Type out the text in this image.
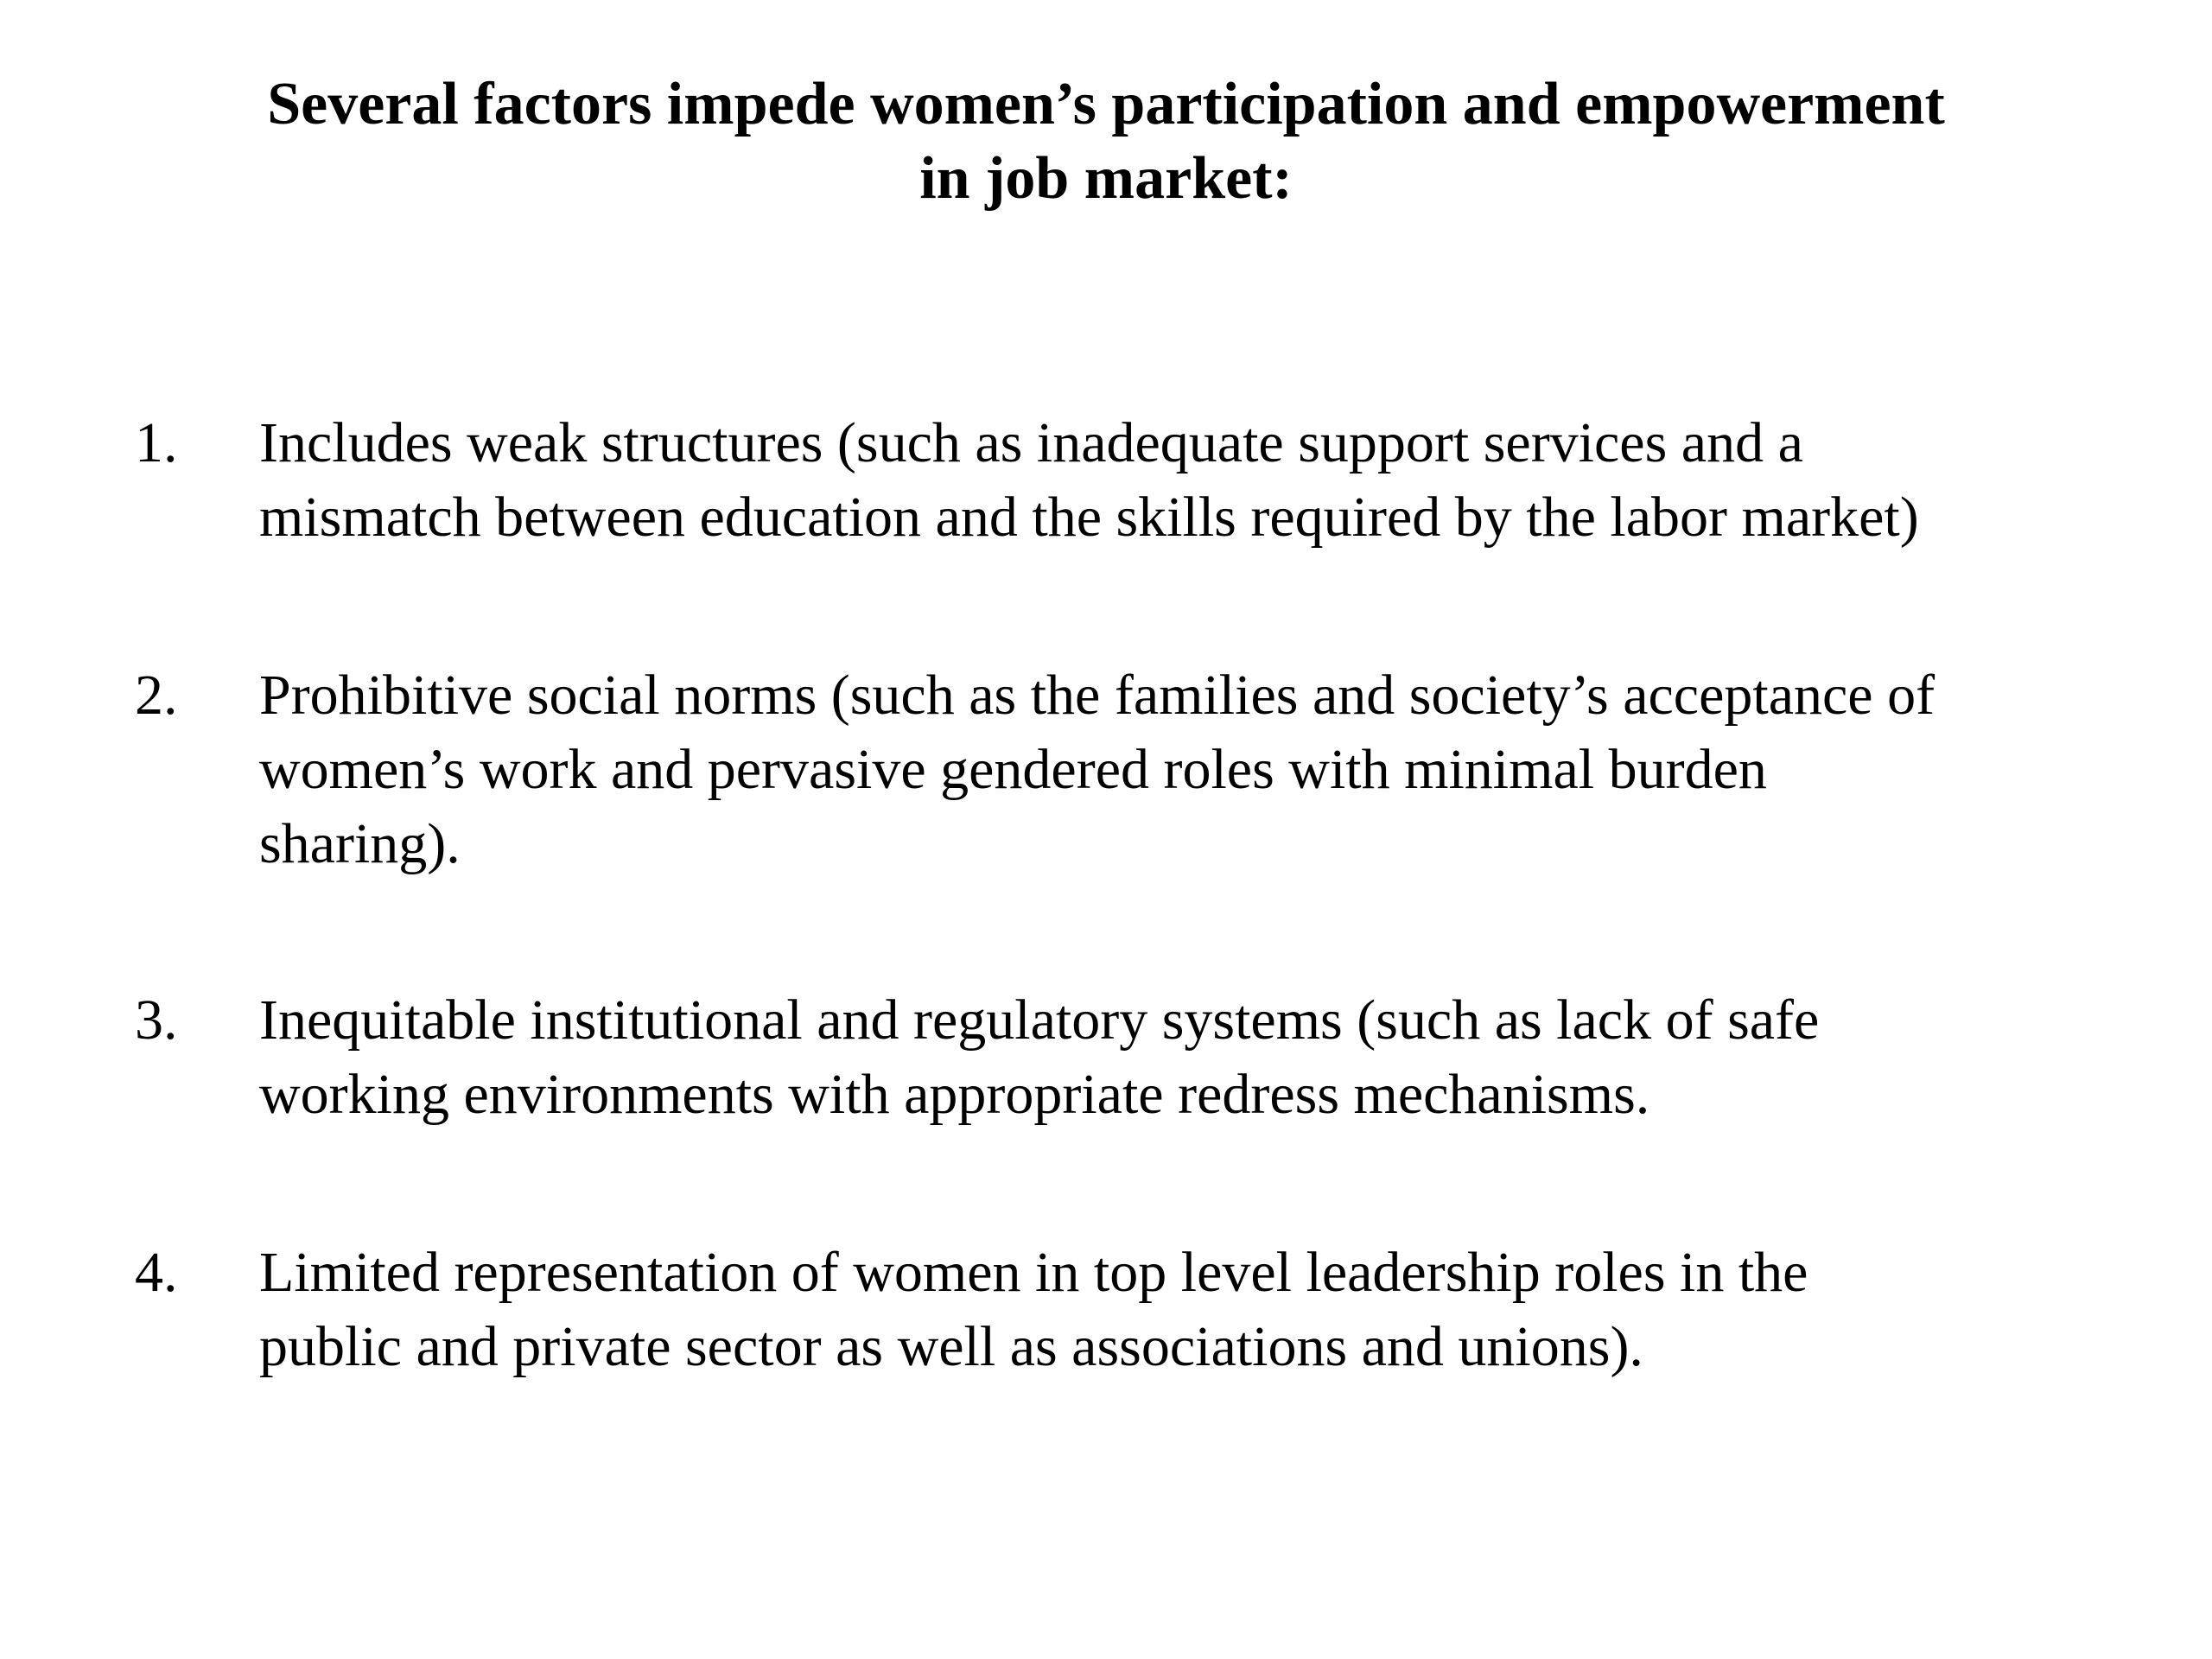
Several factors impede women’s participation and empowerment
in job market:
1.	Includes weak structures (such as inadequate support services and a
mismatch between education and the skills required by the labor market)
2.	Prohibitive social norms (such as the families and society’s acceptance of
women’s work and pervasive gendered roles with minimal burden
sharing).
3.	Inequitable institutional and regulatory systems (such as lack of safe
working environments with appropriate redress mechanisms.
4.	Limited representation of women in top level leadership roles in the
public and private sector as well as associations and unions).
